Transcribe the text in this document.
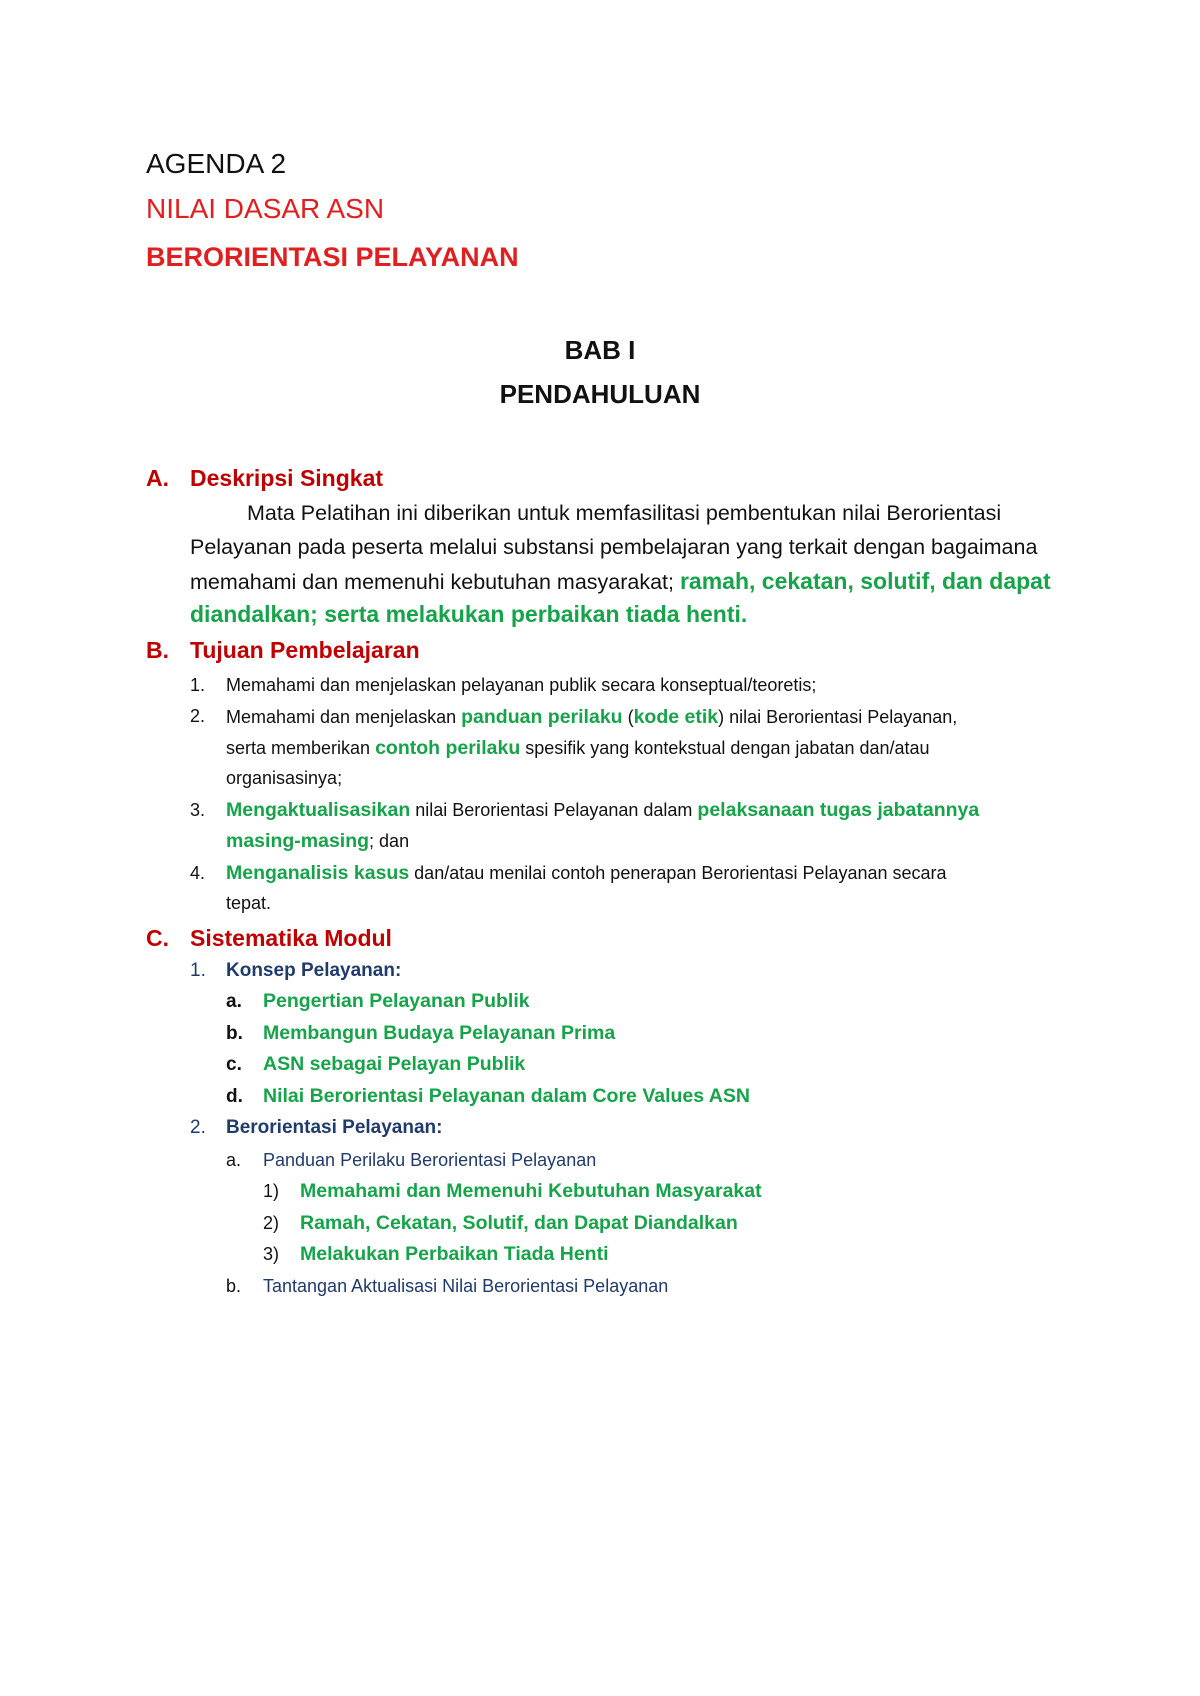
AGENDA 2
NILAI DASAR ASN
BERORIENTASI PELAYANAN
BAB I
PENDAHULUAN
A. Deskripsi Singkat
Mata Pelatihan ini diberikan untuk memfasilitasi pembentukan nilai Berorientasi
Pelayanan pada peserta melalui substansi pembelajaran yang terkait dengan bagaimana
memahami dan memenuhi kebutuhan masyarakat; ramah, cekatan, solutif, dan dapat
diandalkan; serta melakukan perbaikan tiada henti.
B. Tujuan Pembelajaran
1. Memahami dan menjelaskan pelayanan publik secara konseptual/teoretis;
2. Memahami dan menjelaskan panduan perilaku (kode etik) nilai Berorientasi Pelayanan,
serta memberikan contoh perilaku spesifik yang kontekstual dengan jabatan dan/atau
organisasinya;
3. Mengaktualisasikan nilai Berorientasi Pelayanan dalam pelaksanaan tugas jabatannya
masing-masing; dan
4. Menganalisis kasus dan/atau menilai contoh penerapan Berorientasi Pelayanan secara
tepat.
C. Sistematika Modul
1. Konsep Pelayanan:
a. Pengertian Pelayanan Publik
b. Membangun Budaya Pelayanan Prima
c. ASN sebagai Pelayan Publik
d. Nilai Berorientasi Pelayanan dalam Core Values ASN
2. Berorientasi Pelayanan:
a. Panduan Perilaku Berorientasi Pelayanan
1) Memahami dan Memenuhi Kebutuhan Masyarakat
2) Ramah, Cekatan, Solutif, dan Dapat Diandalkan
3) Melakukan Perbaikan Tiada Henti
b. Tantangan Aktualisasi Nilai Berorientasi Pelayanan
